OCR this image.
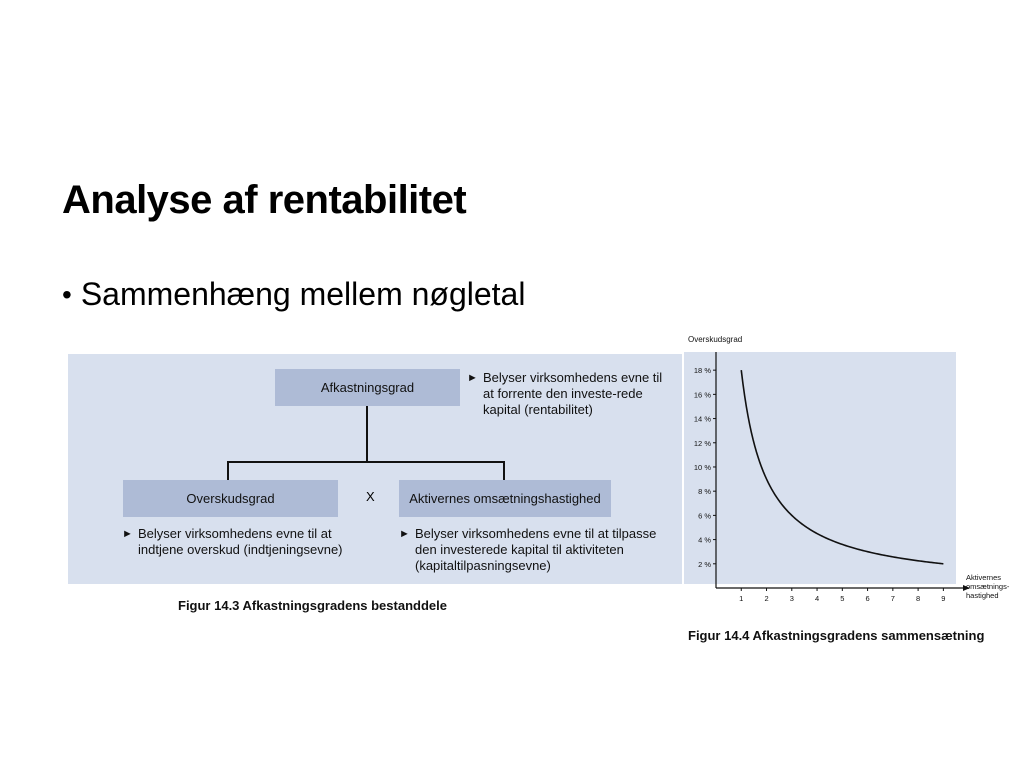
Analyse af rentabilitet
• Sammenhæng mellem nøgletal
Afkastningsgrad
Overskudsgrad	X	Aktivernes omsætningshastighed
► Belyser virksomhedens evne til at forrente den investe-rede kapital (rentabilitet)
► Belyser virksomhedens evne til at indtjene overskud (indtjeningsevne)
► Belyser virksomhedens evne til at tilpasse den investerede kapital til aktiviteten (kapitaltilpasningsevne)
Figur 14.3 Afkastningsgradens bestanddele
Overskudsgrad
2 %
4 %
6 %
8 %
10 %
12 %
14 %
16 %
18 %
1	2	3	4	5	6	7	8	9
Aktivernes omsætnings-hastighed
Figur 14.4 Afkastningsgradens sammensætning
